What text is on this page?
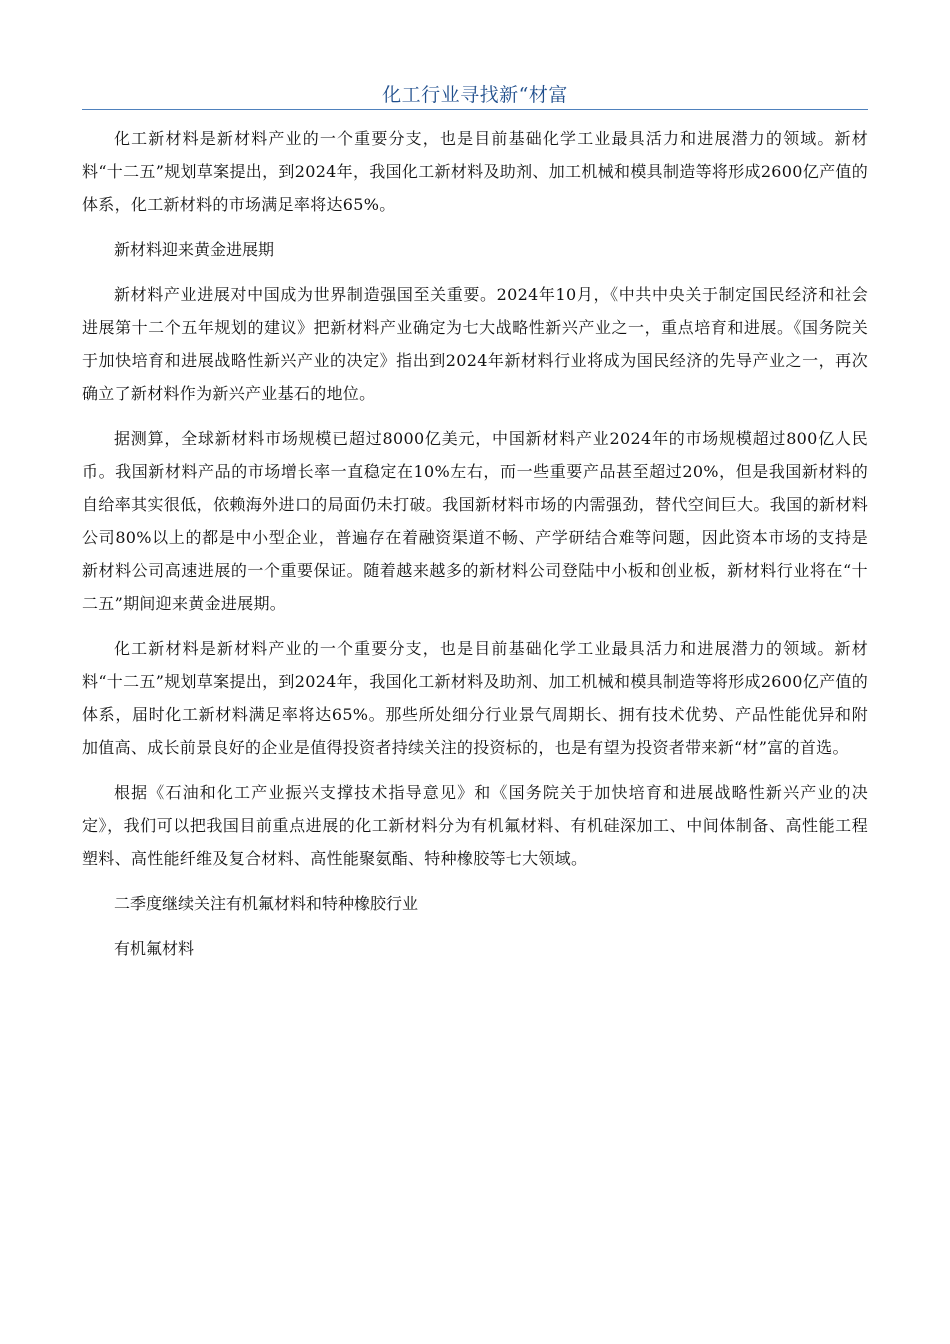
化工行业寻找新“材富

化工新材料是新材料产业的一个重要分支，也是目前基础化学工业最具活力和进展潜力的领域。新材料“十二五”规划草案提出，到2024年，我国化工新材料及助剂、加工机械和模具制造等将形成2600亿产值的体系，化工新材料的市场满足率将达65%。

新材料迎来黄金进展期

新材料产业进展对中国成为世界制造强国至关重要。2024年10月，《中共中央关于制定国民经济和社会进展第十二个五年规划的建议》把新材料产业确定为七大战略性新兴产业之一，重点培育和进展。《国务院关于加快培育和进展战略性新兴产业的决定》指出到2024年新材料行业将成为国民经济的先导产业之一，再次确立了新材料作为新兴产业基石的地位。

据测算，全球新材料市场规模已超过8000亿美元，中国新材料产业2024年的市场规模超过800亿人民币。我国新材料产品的市场增长率一直稳定在10%左右，而一些重要产品甚至超过20%，但是我国新材料的自给率其实很低，依赖海外进口的局面仍未打破。我国新材料市场的内需强劲，替代空间巨大。我国的新材料公司80%以上的都是中小型企业，普遍存在着融资渠道不畅、产学研结合难等问题，因此资本市场的支持是新材料公司高速进展的一个重要保证。随着越来越多的新材料公司登陆中小板和创业板，新材料行业将在“十二五”期间迎来黄金进展期。

化工新材料是新材料产业的一个重要分支，也是目前基础化学工业最具活力和进展潜力的领域。新材料“十二五”规划草案提出，到2024年，我国化工新材料及助剂、加工机械和模具制造等将形成2600亿产值的体系，届时化工新材料满足率将达65%。那些所处细分行业景气周期长、拥有技术优势、产品性能优异和附加值高、成长前景良好的企业是值得投资者持续关注的投资标的，也是有望为投资者带来新“材”富的首选。

根据《石油和化工产业振兴支撑技术指导意见》和《国务院关于加快培育和进展战略性新兴产业的决定》，我们可以把我国目前重点进展的化工新材料分为有机氟材料、有机硅深加工、中间体制备、高性能工程塑料、高性能纤维及复合材料、高性能聚氨酯、特种橡胶等七大领域。

二季度继续关注有机氟材料和特种橡胶行业

有机氟材料
